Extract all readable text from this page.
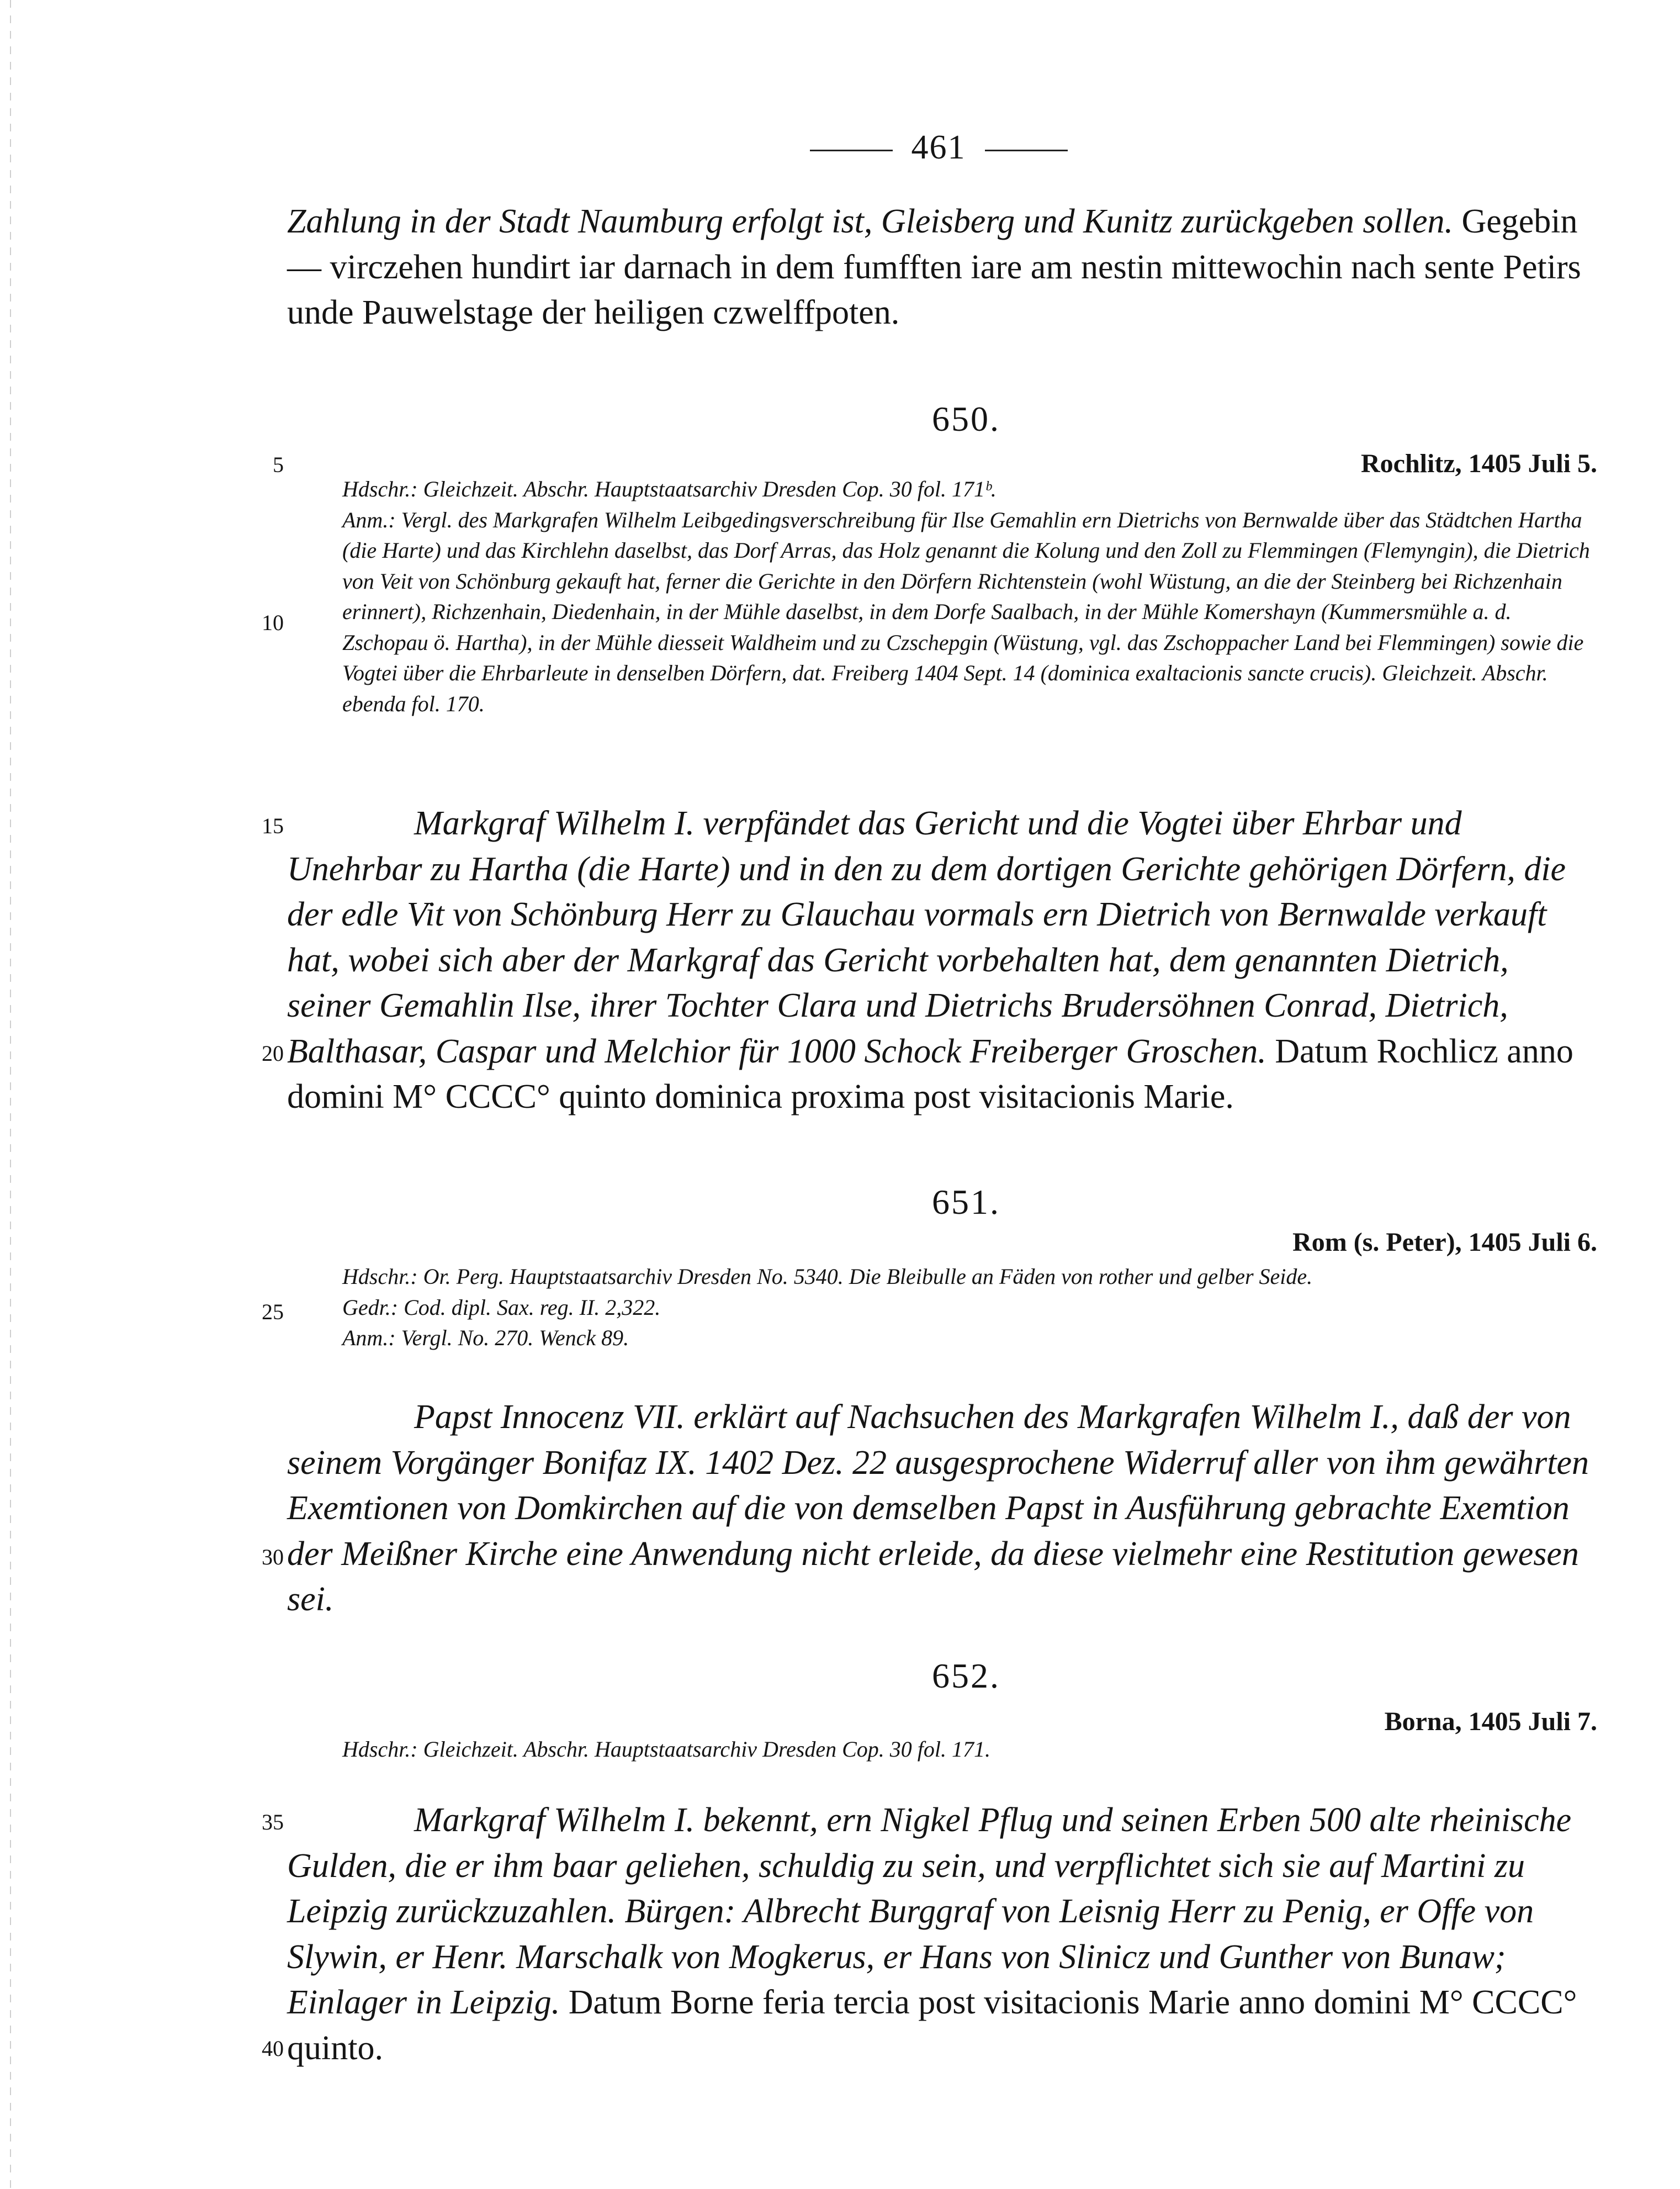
461
Zahlung in der Stadt Naumburg erfolgt ist, Gleisberg und Kunitz zurückgeben sollen. Gegebin — virczehen hundirt iar darnach in dem fumfften iare am nestin mittewochin nach sente Petirs unde Pauwelstage der heiligen czwelffpoten.
5
10
15
20
25
30
35
40
650.
Rochlitz, 1405 Juli 5.

Hdschr.: Gleichzeit. Abschr. Hauptstaatsarchiv Dresden Cop. 30 fol. 171ᵇ.

Anm.: Vergl. des Markgrafen Wilhelm Leibgedingsverschreibung für Ilse Gemahlin ern Dietrichs von Bernwalde über das Städtchen Hartha (die Harte) und das Kirchlehn daselbst, das Dorf Arras, das Holz genannt die Kolung und den Zoll zu Flemmingen (Flemyngin), die Dietrich von Veit von Schönburg gekauft hat, ferner die Gerichte in den Dörfern Richtenstein (wohl Wüstung, an die der Steinberg bei Richzenhain erinnert), Richzenhain, Diedenhain, in der Mühle daselbst, in dem Dorfe Saalbach, in der Mühle Komershayn (Kummersmühle a. d. Zschopau ö. Hartha), in der Mühle diesseit Waldheim und zu Czschepgin (Wüstung, vgl. das Zschoppacher Land bei Flemmingen) sowie die Vogtei über die Ehrbarleute in denselben Dörfern, dat. Freiberg 1404 Sept. 14 (dominica exaltacionis sancte crucis). Gleichzeit. Abschr. ebenda fol. 170.

Markgraf Wilhelm I. verpfändet das Gericht und die Vogtei über Ehrbar und Unehrbar zu Hartha (die Harte) und in den zu dem dortigen Gerichte gehörigen Dörfern, die der edle Vit von Schönburg Herr zu Glauchau vormals ern Dietrich von Bernwalde verkauft hat, wobei sich aber der Markgraf das Gericht vorbehalten hat, dem genannten Dietrich, seiner Gemahlin Ilse, ihrer Tochter Clara und Dietrichs Brudersöhnen Conrad, Dietrich, Balthasar, Caspar und Melchior für 1000 Schock Freiberger Groschen. Datum Rochlicz anno domini M° CCCC° quinto dominica proxima post visitacionis Marie.
651.
Rom (s. Peter), 1405 Juli 6.

Hdschr.: Or. Perg. Hauptstaatsarchiv Dresden No. 5340. Die Bleibulle an Fäden von rother und gelber Seide.

Gedr.: Cod. dipl. Sax. reg. II. 2,322.

Anm.: Vergl. No. 270. Wenck 89.

Papst Innocenz VII. erklärt auf Nachsuchen des Markgrafen Wilhelm I., daß der von seinem Vorgänger Bonifaz IX. 1402 Dez. 22 ausgesprochene Widerruf aller von ihm gewährten Exemtionen von Domkirchen auf die von demselben Papst in Ausführung gebrachte Exemtion der Meißner Kirche eine Anwendung nicht erleide, da diese vielmehr eine Restitution gewesen sei.
652.
Borna, 1405 Juli 7.

Hdschr.: Gleichzeit. Abschr. Hauptstaatsarchiv Dresden Cop. 30 fol. 171.

Markgraf Wilhelm I. bekennt, ern Nigkel Pflug und seinen Erben 500 alte rheinische Gulden, die er ihm baar geliehen, schuldig zu sein, und verpflichtet sich sie auf Martini zu Leipzig zurückzuzahlen. Bürgen: Albrecht Burggraf von Leisnig Herr zu Penig, er Offe von Slywin, er Henr. Marschalk von Mogkerus, er Hans von Slinicz und Gunther von Bunaw; Einlager in Leipzig. Datum Borne feria tercia post visitacionis Marie anno domini M° CCCC° quinto.
